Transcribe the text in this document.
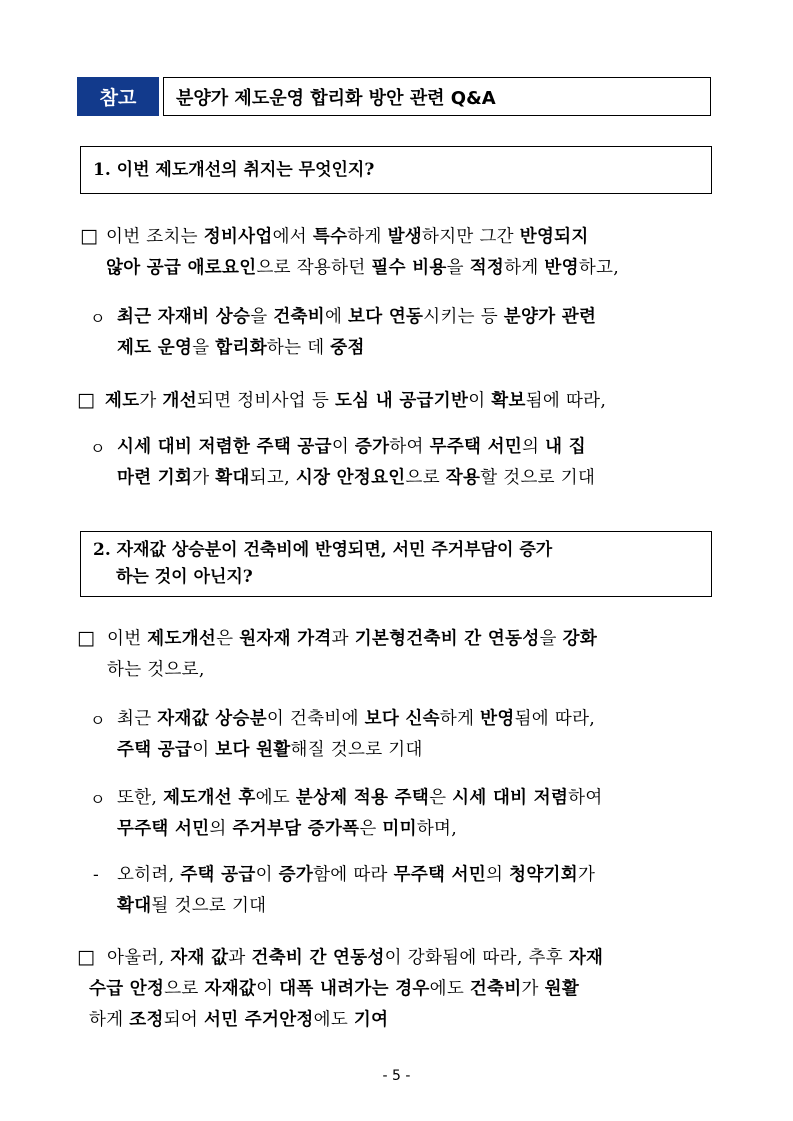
참고	분양가 제도운영 합리화 방안 관련 Q&A
1. 이번 제도개선의 취지는 무엇인지?
□ 이번 조치는 정비사업에서 특수하게 발생하지만 그간 반영되지
않아 공급 애로요인으로 작용하던 필수 비용을 적정하게 반영하고,
ㅇ 최근 자재비 상승을 건축비에 보다 연동시키는 등 분양가 관련
제도 운영을 합리화하는 데 중점
□ 제도가 개선되면 정비사업 등 도심 내 공급기반이 확보됨에 따라,
ㅇ 시세 대비 저렴한 주택 공급이 증가하여 무주택 서민의 내 집
마련 기회가 확대되고, 시장 안정요인으로 작용할 것으로 기대
2. 자재값 상승분이 건축비에 반영되면, 서민 주거부담이 증가
하는 것이 아닌지?
□ 이번 제도개선은 원자재 가격과 기본형건축비 간 연동성을 강화
하는 것으로,
ㅇ 최근 자재값 상승분이 건축비에 보다 신속하게 반영됨에 따라,
주택 공급이 보다 원활해질 것으로 기대
ㅇ 또한, 제도개선 후에도 분상제 적용 주택은 시세 대비 저렴하여
무주택 서민의 주거부담 증가폭은 미미하며,
- 오히려, 주택 공급이 증가함에 따라 무주택 서민의 청약기회가
확대될 것으로 기대
□ 아울러, 자재 값과 건축비 간 연동성이 강화됨에 따라, 추후 자재
수급 안정으로 자재값이 대폭 내려가는 경우에도 건축비가 원활
하게 조정되어 서민 주거안정에도 기여
- 5 -
